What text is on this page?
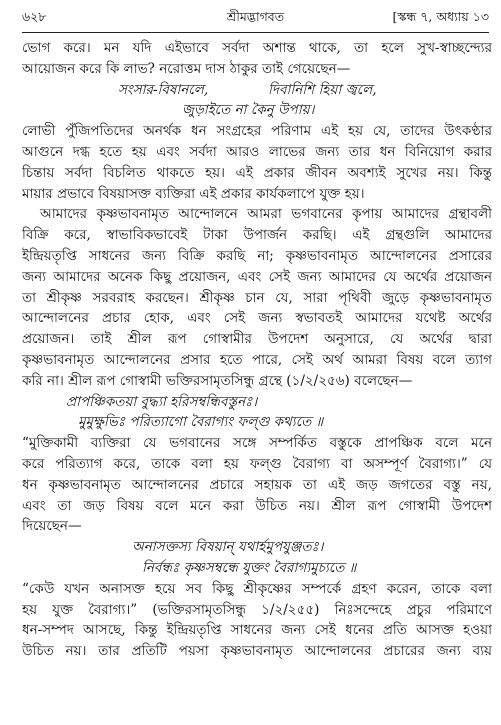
৬২৮	শ্রীমদ্ভাগবত	[স্কন্ধ ৭, অধ্যায় ১৩
ভোগ করে। মন যদি এইভাবে সর্বদা অশান্ত থাকে, তা হলে সুখ-স্বাচ্ছন্দ্যের
আয়োজন করে কি লাভ? নরোত্তম দাস ঠাকুর তাই গেয়েছেন—
সংসার-বিষানলে,	দিবানিশি হিয়া জ্বলে,
জুড়াইতে না কৈনু উপায়।
লোভী পুঁজিপতিদের অনর্থক ধন সংগ্রহের পরিণাম এই হয় যে, তাদের উৎকণ্ঠার
আগুনে দগ্ধ হতে হয় এবং সর্বদা আরও লাভের জন্য তার ধন বিনিয়োগ করার
চিন্তায় সর্বদা বিচলিত থাকতে হয়। এই প্রকার জীবন অবশ্যই সুখের নয়। কিন্তু
মায়ার প্রভাবে বিষয়াসক্ত ব্যক্তিরা এই প্রকার কার্যকলাপে যুক্ত হয়।
আমাদের কৃষ্ণভাবনামৃত আন্দোলনে আমরা ভগবানের কৃপায় আমাদের গ্রন্থাবলী
বিক্রি করে, স্বাভাবিকভাবেই টাকা উপার্জন করছি। এই গ্রন্থগুলি আমাদের
ইন্দ্রিয়তৃপ্তি সাধনের জন্য বিক্রি করছি না; কৃষ্ণভাবনামৃত আন্দোলনের প্রসারের
জন্য আমাদের অনেক কিছু প্রয়োজন, এবং সেই জন্য আমাদের যে অর্থের প্রয়োজন
তা শ্রীকৃষ্ণ সরবরাহ করছেন। শ্রীকৃষ্ণ চান যে, সারা পৃথিবী জুড়ে কৃষ্ণভাবনামৃত
আন্দোলনের প্রচার হোক, এবং সেই জন্য স্বভাবতই আমাদের যথেষ্ট অর্থের
প্রয়োজন। তাই শ্রীল রূপ গোস্বামীর উপদেশ অনুসারে, যে অর্থের দ্বারা
কৃষ্ণভাবনামৃত আন্দোলনের প্রসার হতে পারে, সেই অর্থ আমরা বিষয় বলে ত্যাগ
করি না। শ্রীল রূপ গোস্বামী ভক্তিরসামৃতসিন্ধু গ্রন্থে (১/২/২৫৬) বলেছেন—
প্রাপঞ্চিকতয়া বুদ্ধ্যা হরিসম্বন্ধিবস্তুনঃ।
মুমুক্ষুভিঃ পরিত্যাগো বৈরাগ্যং ফল্গু কথ্যতে ॥
“মুক্তিকামী ব্যক্তিরা যে ভগবানের সঙ্গে সম্পর্কিত বস্তুকে প্রাপঞ্চিক বলে মনে
করে পরিত্যাগ করে, তাকে বলা হয় ফল্গু বৈরাগ্য বা অসম্পূর্ণ বৈরাগ্য।” যে
ধন কৃষ্ণভাবনামৃত আন্দোলনের প্রচারে সহায়ক তা এই জড় জগতের বস্তু নয়,
এবং তা জড় বিষয় বলে মনে করা উচিত নয়। শ্রীল রূপ গোস্বামী উপদেশ
দিয়েছেন—
অনাসক্তস্য বিষয়ান্ যথার্হমুপযুঞ্জতঃ।
নির্বন্ধঃ কৃষ্ণসম্বন্ধে যুক্তং বৈরাগ্যমুচ্যতে ॥
“কেউ যখন অনাসক্ত হয়ে সব কিছু শ্রীকৃষ্ণের সম্পর্কে গ্রহণ করেন, তাকে বলা
হয় যুক্ত বৈরাগ্য।” (ভক্তিরসামৃতসিন্ধু ১/২/২৫৫) নিঃসন্দেহে প্রচুর পরিমাণে
ধন-সম্পদ আসছে, কিন্তু ইন্দ্রিয়তৃপ্তি সাধনের জন্য সেই ধনের প্রতি আসক্ত হওয়া
উচিত নয়। তার প্রতিটি পয়সা কৃষ্ণভাবনামৃত আন্দোলনের প্রচারের জন্য ব্যয়
